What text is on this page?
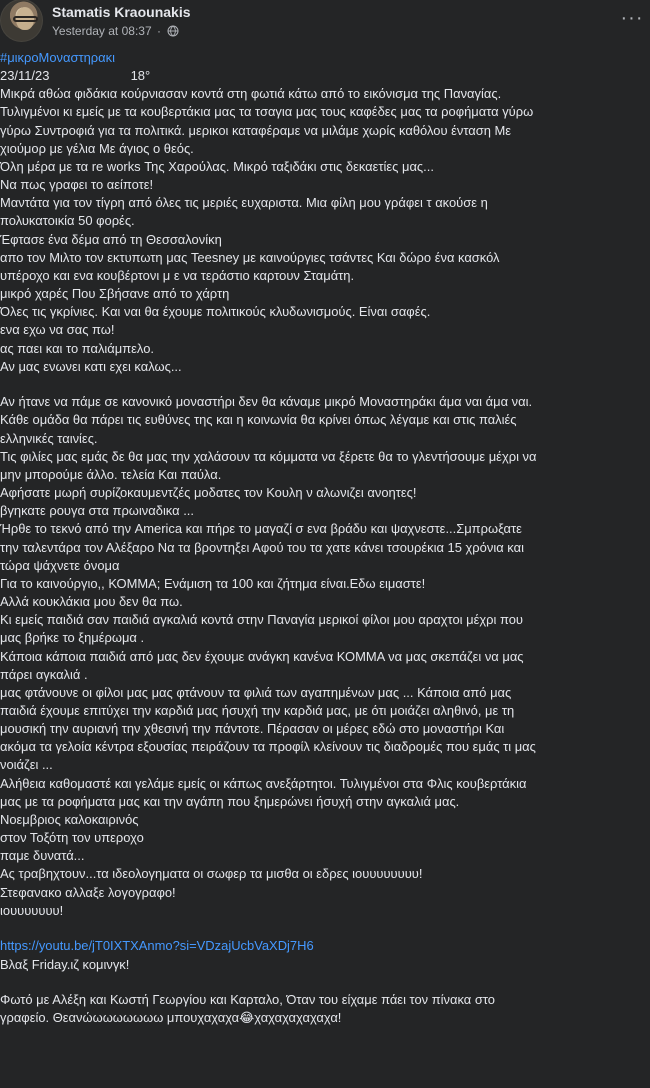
Stamatis Kraounakis
Yesterday at 08:37 ·
···

#μικροΜοναστηρακι

23/11/23	18°

Μικρά αθώα φιδάκια κούρνιασαν κοντά στη φωτιά κάτω από το εικόνισμα της Παναγίας.

Τυλιγμένοι κι εμείς με τα κουβερτάκια μας τα τσαγια μας τους καφέδες μας τα ροφήματα γύρω

γύρω Συντροφιά για τα πολιτικά. μερικοι καταφέραμε να μιλάμε χωρίς καθόλου ένταση Με

χιούμορ με γέλια Με άγιος ο θεός.

Όλη μέρα με τα re works Της Χαρούλας. Μικρό ταξιδάκι στις δεκαετίες μας...

Να πως γραφει το αείποτε!

Μαντάτα για τον τίγρη από όλες τις μεριές ευχαριστα. Μια φίλη μου γράφει τ ακούσε η

πολυκατοικία 50 φορές.

Έφτασε ένα δέμα από τη Θεσσαλονίκη

απο τον Μιλτο τον εκτυπωτη μας Teesney με καινούργιες τσάντες Και δώρο ένα κασκόλ

υπέροχο και ενα κουβέρτονι μ ε να τεράστιο καρτουν Σταμάτη.

μικρό χαρές Που Σβήσανε από το χάρτη

Όλες τις γκρίνιες. Και ναι θα έχουμε πολιτικούς κλυδωνισμούς. Είναι σαφές.

ενα εχω να σας πω!

ας παει και το παλιάμπελο.

Αν μας ενωνει κατι εχει καλως...

Αν ήτανε να πάμε σε κανονικό μοναστήρι δεν θα κάναμε μικρό Μοναστηράκι άμα ναι άμα ναι.

Κάθε ομάδα θα πάρει τις ευθύνες της και η κοινωνία θα κρίνει όπως λέγαμε και στις παλιές

ελληνικές ταινίες.

Τις φιλίες μας εμάς δε θα μας την χαλάσουν τα κόμματα να ξέρετε θα το γλεντήσουμε μέχρι να

μην μπορούμε άλλο. τελεία Και παύλα.

Αφήσατε μωρή συρίζοκαυμεντζές μοδατες τον Κουλη ν αλωνιζει ανοητες!

βγηκατε ρουγα στα πρωιναδικα ...

Ήρθε το τεκνό από την America και πήρε το μαγαζί σ ενα βράδυ και ψαχνεστε...Σμπρωξατε

την ταλεντάρα τον Αλέξαρο Να τα βροντηξει Αφού του τα χατε κάνει τσουρέκια 15 χρόνια και

τώρα ψάχνετε όνομα

Για το καινούργιο,, ΚΟΜΜΑ; Ενάμιση τα 100 και ζήτημα είναι.Εδω ειμαστε!

Αλλά κουκλάκια μου δεν θα πω.

Κι εμείς παιδιά σαν παιδιά αγκαλιά κοντά στην Παναγία μερικοί φίλοι μου αραχτοι μέχρι που

μας βρήκε το ξημέρωμα .

Κάποια κάποια παιδιά από μας δεν έχουμε ανάγκη κανένα ΚΟΜΜΑ να μας σκεπάζει να μας

πάρει αγκαλιά .

μας φτάνουνε οι φίλοι μας μας φτάνουν τα φιλιά των αγαπημένων μας ... Κάποια από μας

παιδιά έχουμε επιτύχει την καρδιά μας ήσυχή την καρδιά μας, με ότι μοιάζει αληθινό, με τη

μουσική την αυριανή την χθεσινή την πάντοτε. Πέρασαν οι μέρες εδώ στο μοναστήρι Και

ακόμα τα γελοία κέντρα εξουσίας πειράζουν τα προφίλ κλείνουν τις διαδρομές που εμάς τι μας

νοιάζει ...

Αλήθεια καθομαστέ και γελάμε εμείς οι κάπως ανεξάρτητοι. Τυλιγμένοι στα Φλις κουβερτάκια

μας με τα ροφήματα μας και την αγάπη που ξημερώνει ήσυχή στην αγκαλιά μας.

Νοεμβριος καλοκαιρινός

στον Τοξότη τον υπεροχο

παμε δυνατά...

Ας τραβηχτουν...τα ιδεολογηματα οι σωφερ τα μισθα οι εδρες ιουυυυυυυυ!

Στεφανακο αλλαξε λογογραφο!

ιουυυυυυυ!

https://youtu.be/jT0IXTXAnmo?si=VDzajUcbVaXDj7H6

Βλαξ Friday.ιζ κομινγκ!

Φωτό με Αλέξη και Κωστή Γεωργίου και Καρταλο, Όταν του είχαμε πάει τον πίνακα στο

γραφείο. Θεανώωωωωωωω μπουχαχαχα😂χαχαχαχαχαχα!
